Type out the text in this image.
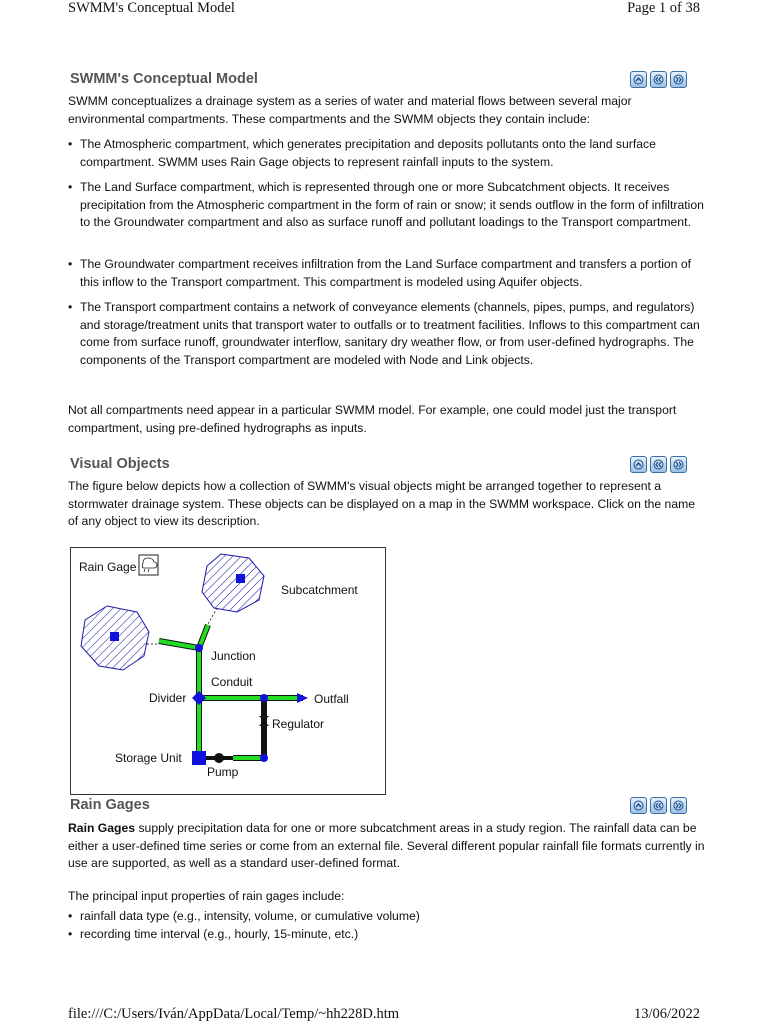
SWMM's Conceptual Model	Page 1 of 38
SWMM's Conceptual Model

SWMM conceptualizes a drainage system as a series of water and material flows between several major environmental compartments. These compartments and the SWMM objects they contain include:

• The Atmospheric compartment, which generates precipitation and deposits pollutants onto the land surface compartment. SWMM uses Rain Gage objects to represent rainfall inputs to the system.
• The Land Surface compartment, which is represented through one or more Subcatchment objects. It receives precipitation from the Atmospheric compartment in the form of rain or snow; it sends outflow in the form of infiltration to the Groundwater compartment and also as surface runoff and pollutant loadings to the Transport compartment.
• The Groundwater compartment receives infiltration from the Land Surface compartment and transfers a portion of this inflow to the Transport compartment. This compartment is modeled using Aquifer objects.
• The Transport compartment contains a network of conveyance elements (channels, pipes, pumps, and regulators) and storage/treatment units that transport water to outfalls or to treatment facilities. Inflows to this compartment can come from surface runoff, groundwater interflow, sanitary dry weather flow, or from user-defined hydrographs. The components of the Transport compartment are modeled with Node and Link objects.

Not all compartments need appear in a particular SWMM model. For example, one could model just the transport compartment, using pre-defined hydrographs as inputs.

Visual Objects

The figure below depicts how a collection of SWMM's visual objects might be arranged together to represent a stormwater drainage system. These objects can be displayed on a map in the SWMM workspace. Click on the name of any object to view its description.

Rain Gage
Subcatchment
Junction
Conduit
Divider	Outfall
Regulator
Storage Unit
Pump
Rain Gages

Rain Gages supply precipitation data for one or more subcatchment areas in a study region. The rainfall data can be either a user-defined time series or come from an external file. Several different popular rainfall file formats currently in use are supported, as well as a standard user-defined format.

The principal input properties of rain gages include:

• rainfall data type (e.g., intensity, volume, or cumulative volume)
• recording time interval (e.g., hourly, 15-minute, etc.)
file:///C:/Users/Iván/AppData/Local/Temp/~hh228D.htm	13/06/2022
